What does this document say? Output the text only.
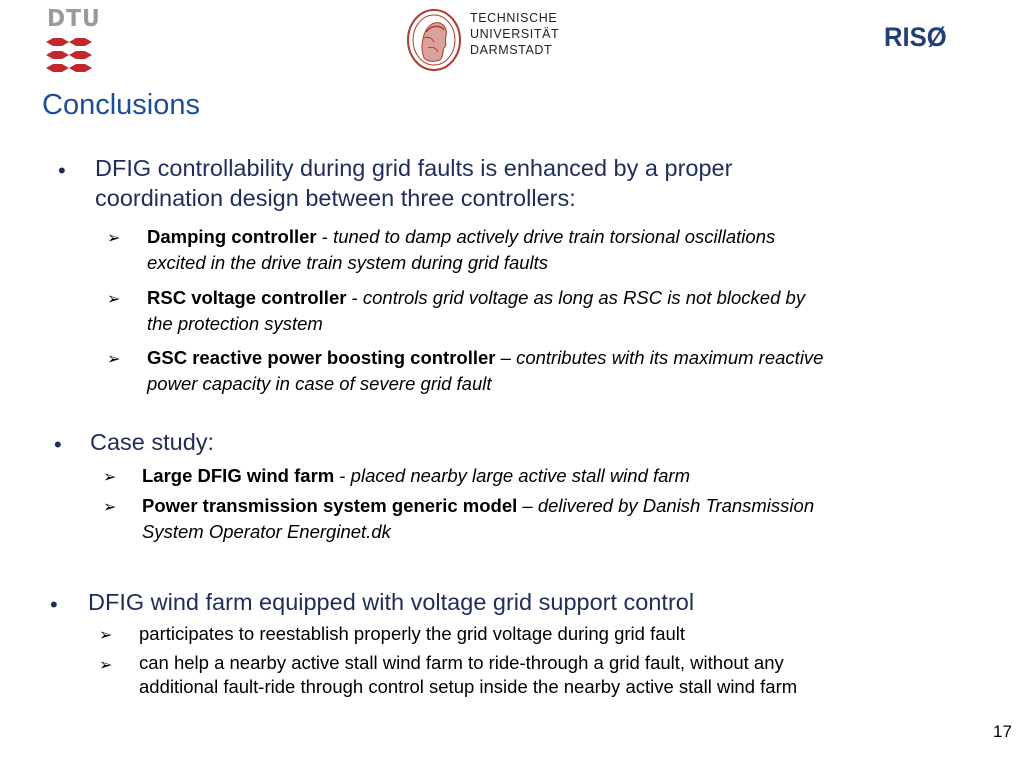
DTU	TECHNISCHE
UNIVERSITÄT
DARMSTADT	RISØ
Conclusions
• DFIG controllability during grid faults is enhanced by a proper
coordination design between three controllers:
➢ Damping controller - tuned to damp actively drive train torsional oscillations
excited in the drive train system during grid faults
➢ RSC voltage controller - controls grid voltage as long as RSC is not blocked by
the protection system
➢ GSC reactive power boosting controller – contributes with its maximum reactive
power capacity in case of severe grid fault
• Case study:
➢ Large DFIG wind farm - placed nearby large active stall wind farm
➢ Power transmission system generic model – delivered by Danish Transmission
System Operator Energinet.dk
• DFIG wind farm equipped with voltage grid support control
➢ participates to reestablish properly the grid voltage during grid fault
➢ can help a nearby active stall wind farm to ride-through a grid fault, without any
additional fault-ride through control setup inside the nearby active stall wind farm
17
